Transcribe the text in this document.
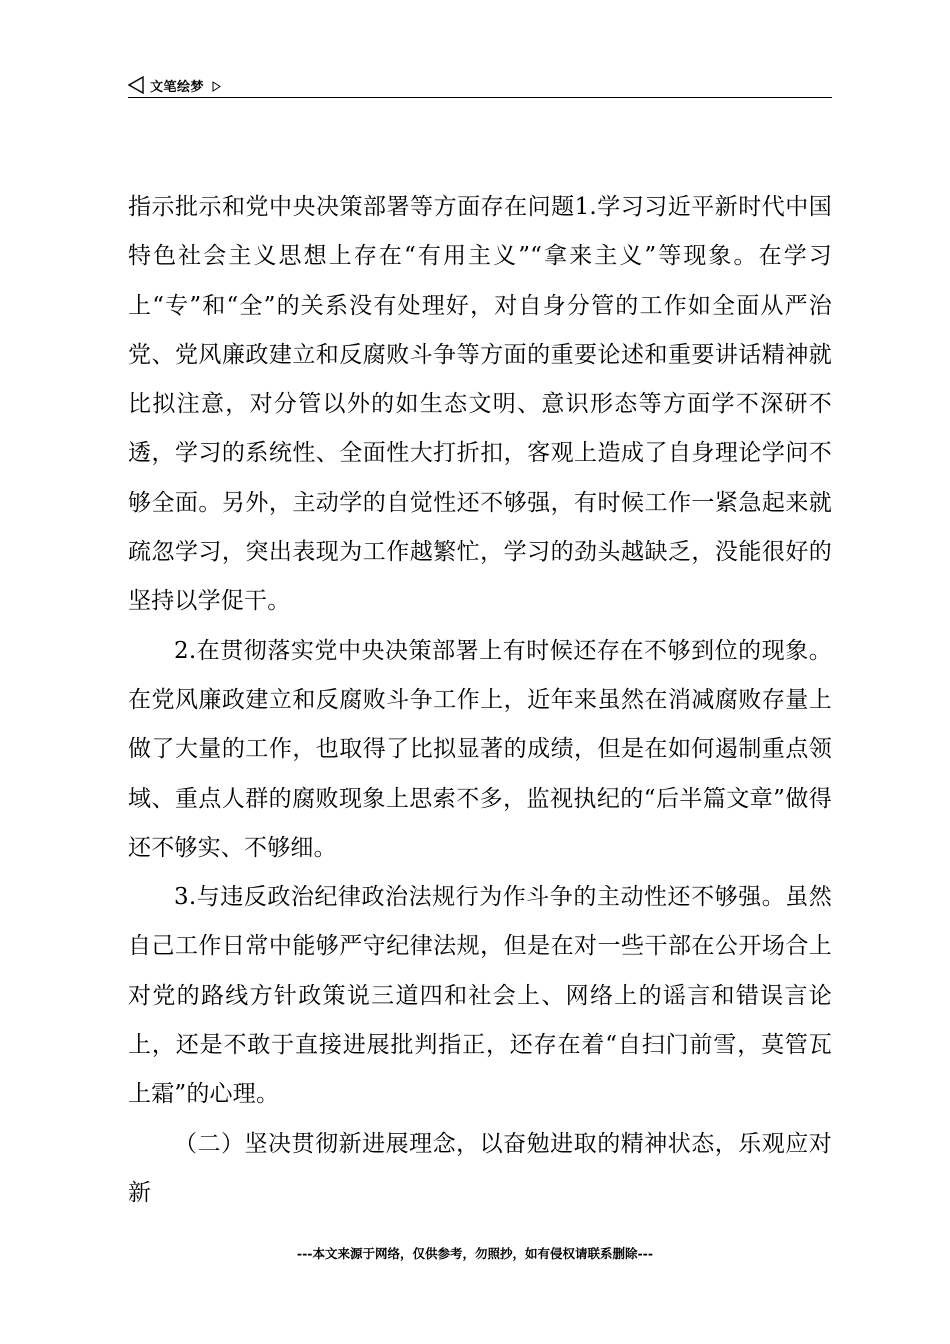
文笔绘梦

指示批示和党中央决策部署等方面存在问题1.学习习近平新时代中国特色社会主义思想上存在“有用主义”“拿来主义”等现象。在学习上“专”和“全”的关系没有处理好，对自身分管的工作如全面从严治党、党风廉政建立和反腐败斗争等方面的重要论述和重要讲话精神就比拟注意，对分管以外的如生态文明、意识形态等方面学不深研不透，学习的系统性、全面性大打折扣，客观上造成了自身理论学问不够全面。另外，主动学的自觉性还不够强，有时候工作一紧急起来就疏忽学习，突出表现为工作越繁忙，学习的劲头越缺乏，没能很好的坚持以学促干。

2.在贯彻落实党中央决策部署上有时候还存在不够到位的现象。在党风廉政建立和反腐败斗争工作上，近年来虽然在消减腐败存量上做了大量的工作，也取得了比拟显著的成绩，但是在如何遏制重点领域、重点人群的腐败现象上思索不多，监视执纪的“后半篇文章”做得还不够实、不够细。

3.与违反政治纪律政治法规行为作斗争的主动性还不够强。虽然自己工作日常中能够严守纪律法规，但是在对一些干部在公开场合上对党的路线方针政策说三道四和社会上、网络上的谣言和错误言论上，还是不敢于直接进展批判指正，还存在着“自扫门前雪，莫管瓦上霜”的心理。

（二）坚决贯彻新进展理念，以奋勉进取的精神状态，乐观应对新

---本文来源于网络，仅供参考，勿照抄，如有侵权请联系删除---
